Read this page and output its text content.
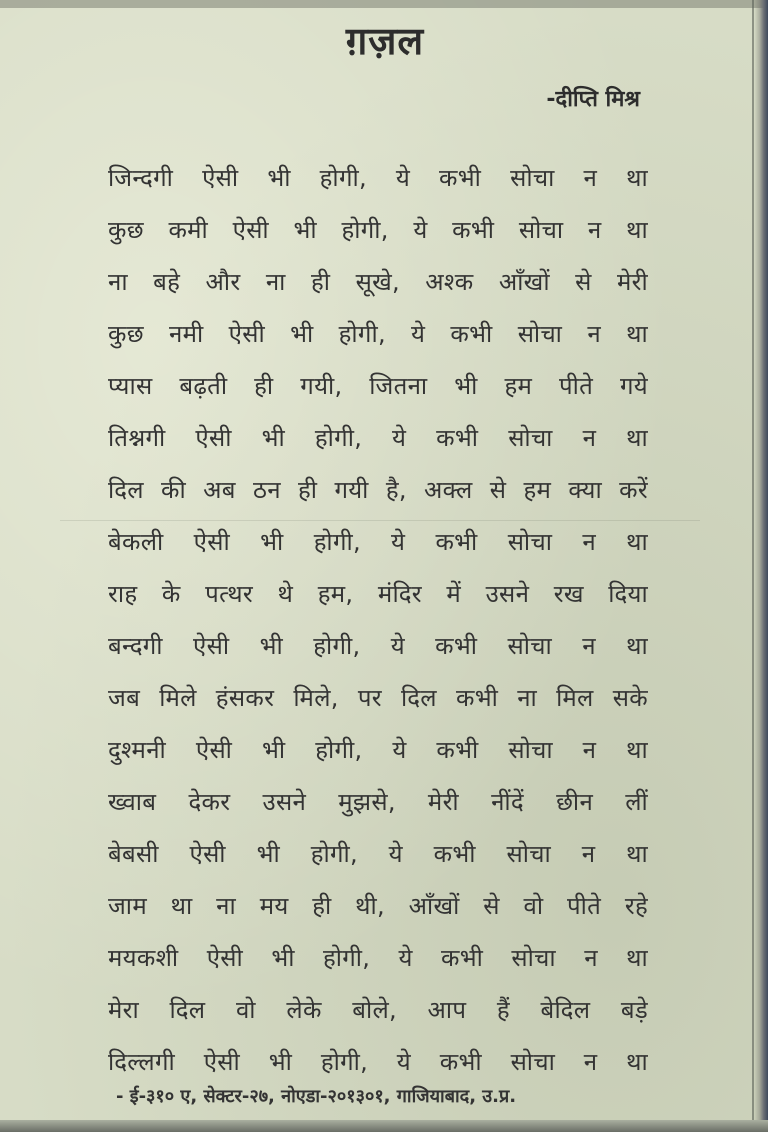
ग़ज़ल
-दीप्ति मिश्र
जिन्दगी ऐसी भी होगी, ये कभी सोचा न था
कुछ कमी ऐसी भी होगी, ये कभी सोचा न था
ना बहे और ना ही सूखे, अश्क आँखों से मेरी
कुछ नमी ऐसी भी होगी, ये कभी सोचा न था
प्यास बढ़ती ही गयी, जितना भी हम पीते गये
तिश्नगी ऐसी भी होगी, ये कभी सोचा न था
दिल की अब ठन ही गयी है, अक्ल से हम क्या करें
बेकली ऐसी भी होगी, ये कभी सोचा न था
राह के पत्थर थे हम, मंदिर में उसने रख दिया
बन्दगी ऐसी भी होगी, ये कभी सोचा न था
जब मिले हंसकर मिले, पर दिल कभी ना मिल सके
दुश्मनी ऐसी भी होगी, ये कभी सोचा न था
ख्वाब देकर उसने मुझसे, मेरी नींदें छीन लीं
बेबसी ऐसी भी होगी, ये कभी सोचा न था
जाम था ना मय ही थी, आँखों से वो पीते रहे
मयकशी ऐसी भी होगी, ये कभी सोचा न था
मेरा दिल वो लेके बोले, आप हैं बेदिल बड़े
दिल्लगी ऐसी भी होगी, ये कभी सोचा न था
- ई-३१० ए, सेक्टर-२७, नोएडा-२०१३०१, गाजियाबाद, उ.प्र.
